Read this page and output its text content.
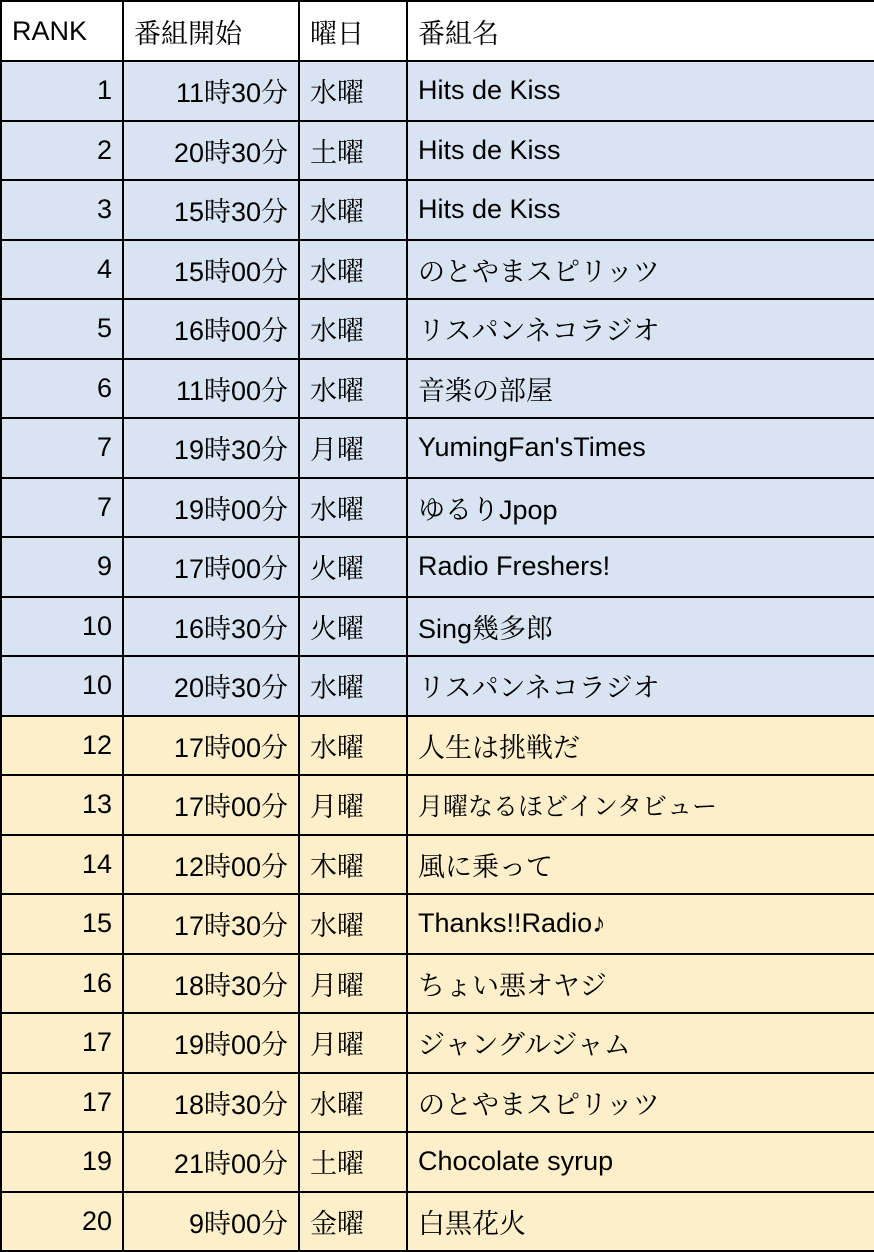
RANK	番組開始	曜日	番組名
1	11時30分	水曜	Hits de Kiss
2	20時30分	土曜	Hits de Kiss
3	15時30分	水曜	Hits de Kiss
4	15時00分	水曜	のとやまスピリッツ
5	16時00分	水曜	リスパンネコラジオ
6	11時00分	水曜	音楽の部屋
7	19時30分	月曜	YumingFan'sTimes
7	19時00分	水曜	ゆるりJpop
9	17時00分	火曜	Radio Freshers!
10	16時30分	火曜	Sing幾多郎
10	20時30分	水曜	リスパンネコラジオ
12	17時00分	水曜	人生は挑戦だ
13	17時00分	月曜	月曜なるほどインタビュー
14	12時00分	木曜	風に乗って
15	17時30分	水曜	Thanks!!Radio♪
16	18時30分	月曜	ちょい悪オヤジ
17	19時00分	月曜	ジャングルジャム
17	18時30分	水曜	のとやまスピリッツ
19	21時00分	土曜	Chocolate syrup
20	9時00分	金曜	白黒花火
